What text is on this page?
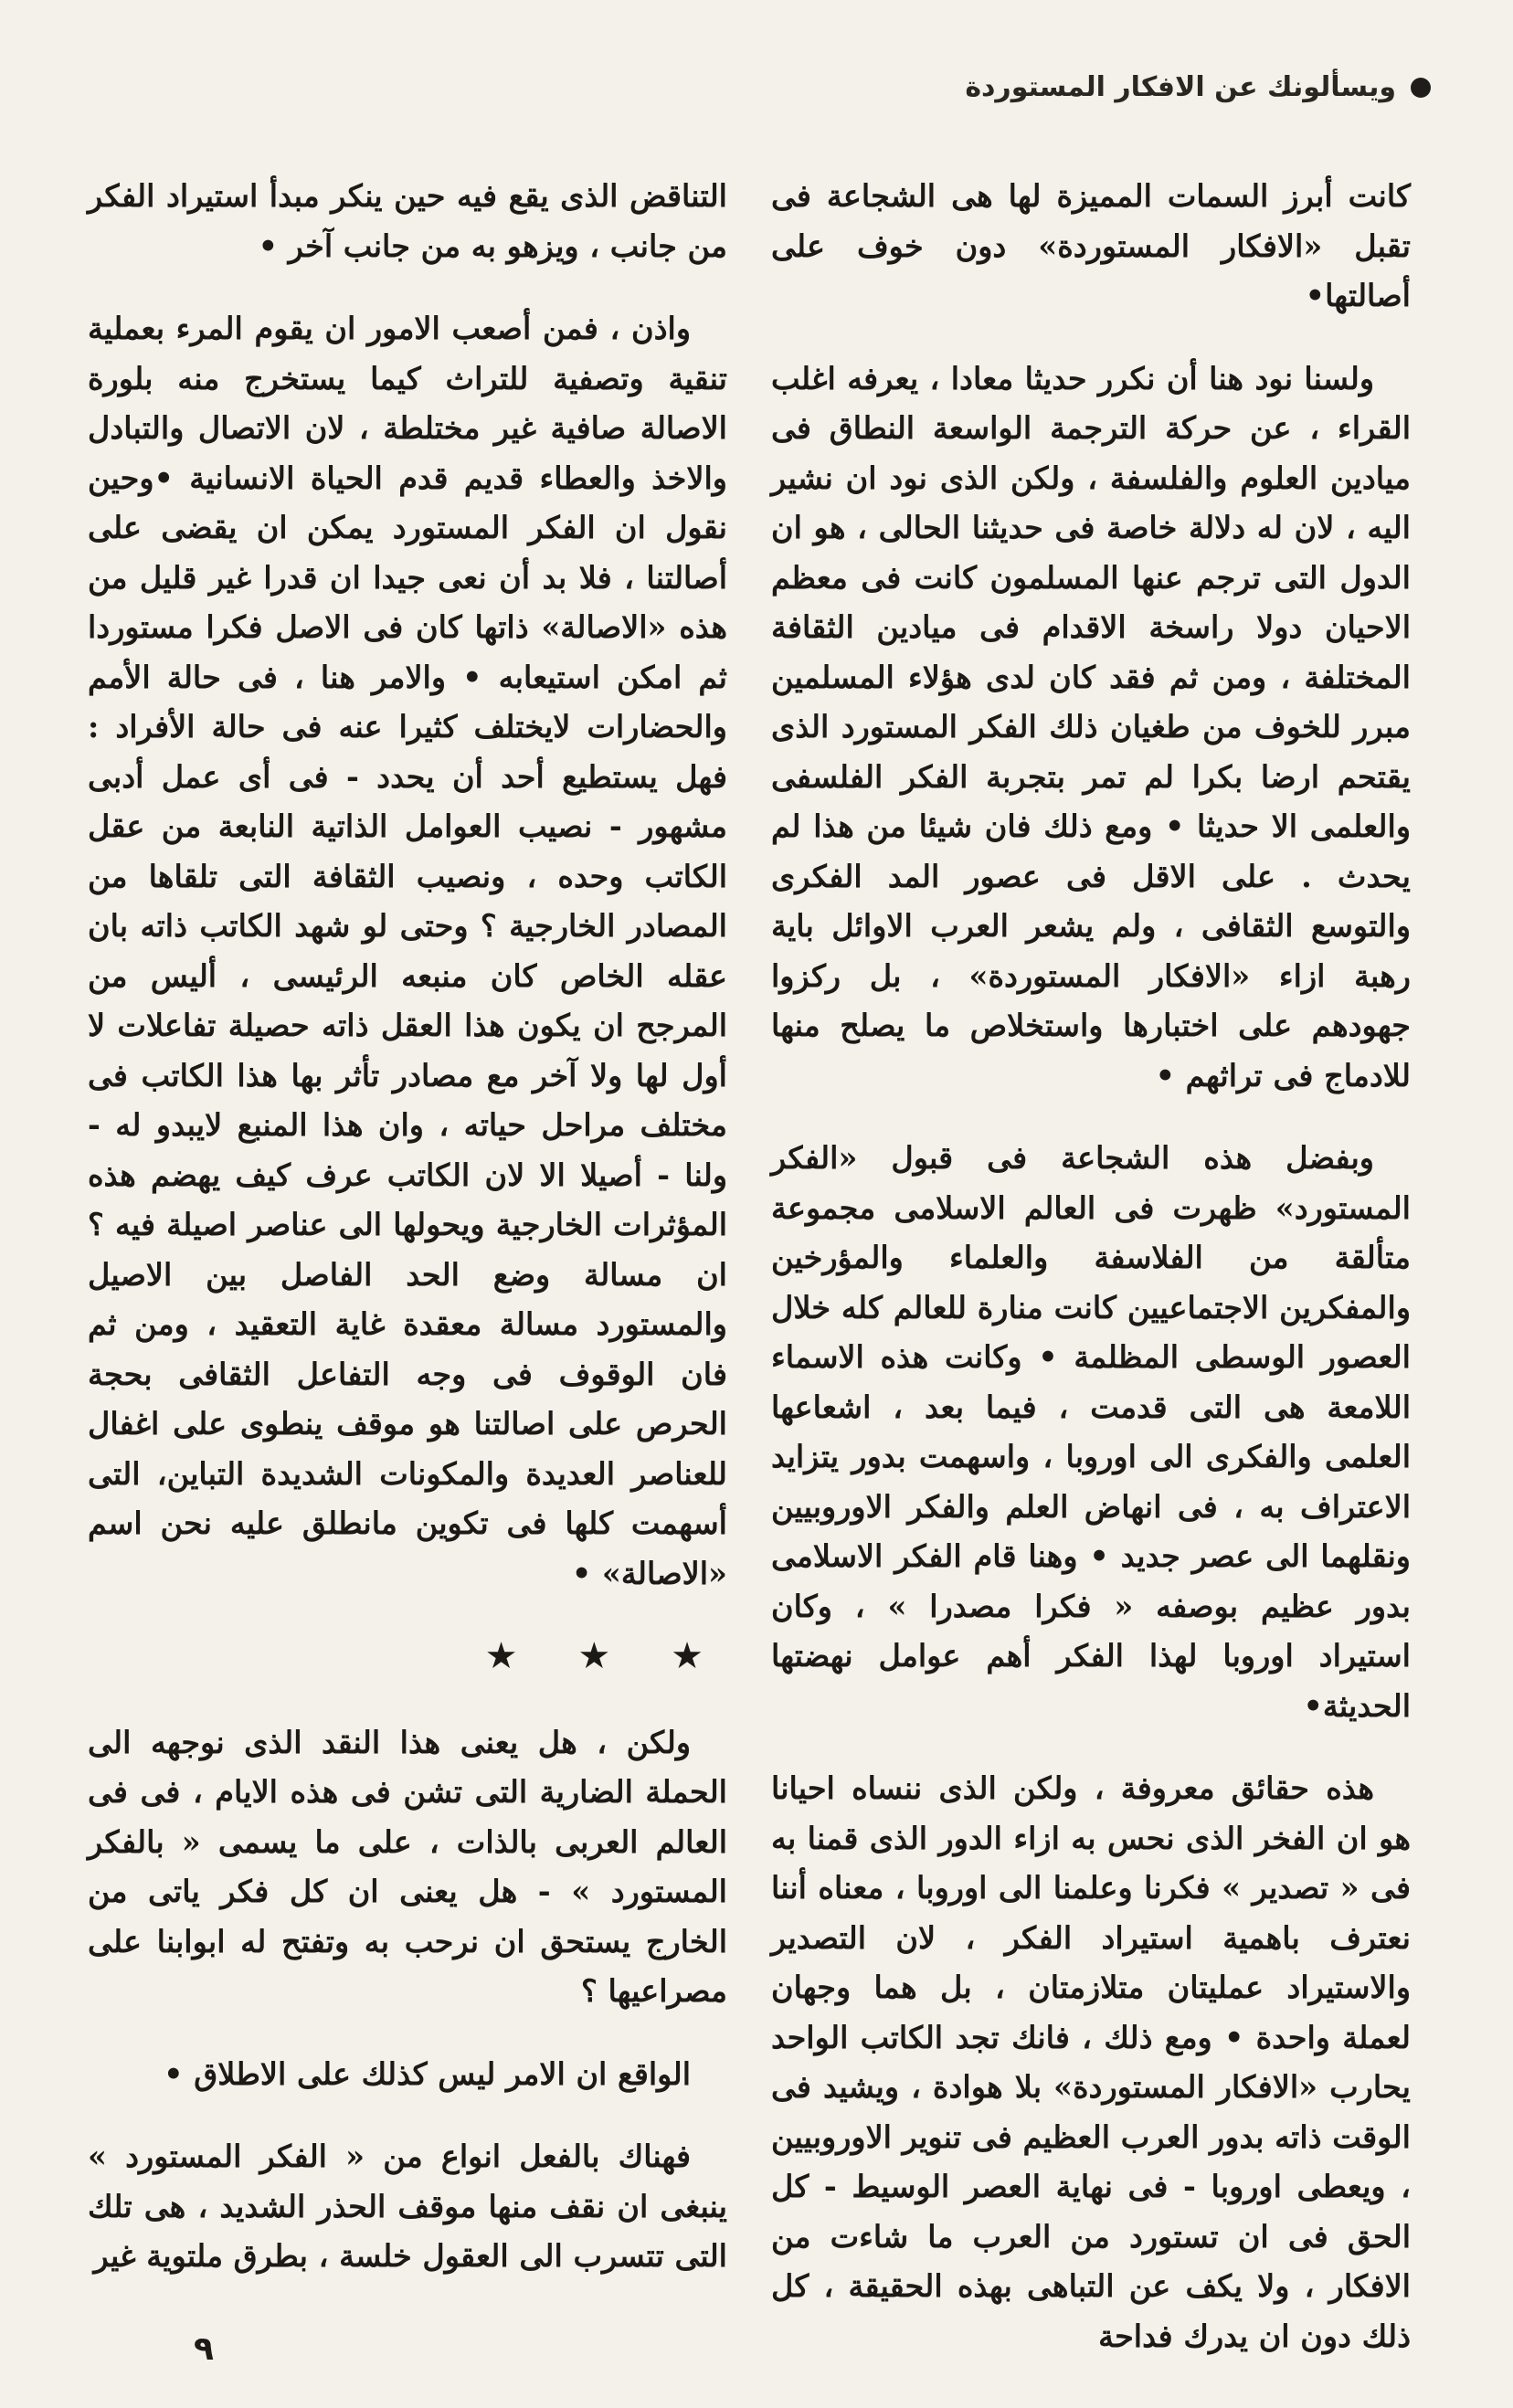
ويسألونك عن الافكار المستوردة

كانت أبرز السمات المميزة لها هى الشجاعة فى تقبل «الافكار المستوردة» دون خوف على أصالتها•

ولسنا نود هنا أن نكرر حديثا معادا ، يعرفه اغلب القراء ، عن حركة الترجمة الواسعة النطاق فى ميادين العلوم والفلسفة ، ولكن الذى نود ان نشير اليه ، لان له دلالة خاصة فى حديثنا الحالى ، هو ان الدول التى ترجم عنها المسلمون كانت فى معظم الاحيان دولا راسخة الاقدام فى ميادين الثقافة المختلفة ، ومن ثم فقد كان لدى هؤلاء المسلمين مبرر للخوف من طغيان ذلك الفكر المستورد الذى يقتحم ارضا بكرا لم تمر بتجربة الفكر الفلسفى والعلمى الا حديثا • ومع ذلك فان شيئا من هذا لم يحدث . على الاقل فى عصور المد الفكرى والتوسع الثقافى ، ولم يشعر العرب الاوائل باية رهبة ازاء «الافكار المستوردة» ، بل ركزوا جهودهم على اختبارها واستخلاص ما يصلح منها للادماج فى تراثهم •

وبفضل هذه الشجاعة فى قبول «الفكر المستورد» ظهرت فى العالم الاسلامى مجموعة متألقة من الفلاسفة والعلماء والمؤرخين والمفكرين الاجتماعيين كانت منارة للعالم كله خلال العصور الوسطى المظلمة • وكانت هذه الاسماء اللامعة هى التى قدمت ، فيما بعد ، اشعاعها العلمى والفكرى الى اوروبا ، واسهمت بدور يتزايد الاعتراف به ، فى انهاض العلم والفكر الاوروبيين ونقلهما الى عصر جديد • وهنا قام الفكر الاسلامى بدور عظيم بوصفه « فكرا مصدرا » ، وكان استيراد اوروبا لهذا الفكر أهم عوامل نهضتها الحديثة•

هذه حقائق معروفة ، ولكن الذى ننساه احيانا هو ان الفخر الذى نحس به ازاء الدور الذى قمنا به فى « تصدير » فكرنا وعلمنا الى اوروبا ، معناه أننا نعترف باهمية استيراد الفكر ، لان التصدير والاستيراد عمليتان متلازمتان ، بل هما وجهان لعملة واحدة • ومع ذلك ، فانك تجد الكاتب الواحد يحارب «الافكار المستوردة» بلا هوادة ، ويشيد فى الوقت ذاته بدور العرب العظيم فى تنوير الاوروبيين ، ويعطى اوروبا - فى نهاية العصر الوسيط - كل الحق فى ان تستورد من العرب ما شاءت من الافكار ، ولا يكف عن التباهى بهذه الحقيقة ، كل ذلك دون ان يدرك فداحة

التناقض الذى يقع فيه حين ينكر مبدأ استيراد الفكر من جانب ، ويزهو به من جانب آخر •

واذن ، فمن أصعب الامور ان يقوم المرء بعملية تنقية وتصفية للتراث كيما يستخرج منه بلورة الاصالة صافية غير مختلطة ، لان الاتصال والتبادل والاخذ والعطاء قديم قدم الحياة الانسانية •وحين نقول ان الفكر المستورد يمكن ان يقضى على أصالتنا ، فلا بد أن نعى جيدا ان قدرا غير قليل من هذه «الاصالة» ذاتها كان فى الاصل فكرا مستوردا ثم امكن استيعابه • والامر هنا ، فى حالة الأمم والحضارات لايختلف كثيرا عنه فى حالة الأفراد : فهل يستطيع أحد أن يحدد - فى أى عمل أدبى مشهور - نصيب العوامل الذاتية النابعة من عقل الكاتب وحده ، ونصيب الثقافة التى تلقاها من المصادر الخارجية ؟ وحتى لو شهد الكاتب ذاته بان عقله الخاص كان منبعه الرئيسى ، أليس من المرجح ان يكون هذا العقل ذاته حصيلة تفاعلات لا أول لها ولا آخر مع مصادر تأثر بها هذا الكاتب فى مختلف مراحل حياته ، وان هذا المنبع لايبدو له - ولنا - أصيلا الا لان الكاتب عرف كيف يهضم هذه المؤثرات الخارجية ويحولها الى عناصر اصيلة فيه ؟ ان مسالة وضع الحد الفاصل بين الاصيل والمستورد مسالة معقدة غاية التعقيد ، ومن ثم فان الوقوف فى وجه التفاعل الثقافى بحجة الحرص على اصالتنا هو موقف ينطوى على اغفال للعناصر العديدة والمكونات الشديدة التباين، التى أسهمت كلها فى تكوين مانطلق عليه نحن اسم «الاصالة» •

★ ★ ★

ولكن ، هل يعنى هذا النقد الذى نوجهه الى الحملة الضارية التى تشن فى هذه الايام ، فى فى العالم العربى بالذات ، على ما يسمى « بالفكر المستورد » - هل يعنى ان كل فكر ياتى من الخارج يستحق ان نرحب به وتفتح له ابوابنا على مصراعيها ؟

الواقع ان الامر ليس كذلك على الاطلاق •

فهناك بالفعل انواع من « الفكر المستورد » ينبغى ان نقف منها موقف الحذر الشديد ، هى تلك التى تتسرب الى العقول خلسة ، بطرق ملتوية غير

٩
